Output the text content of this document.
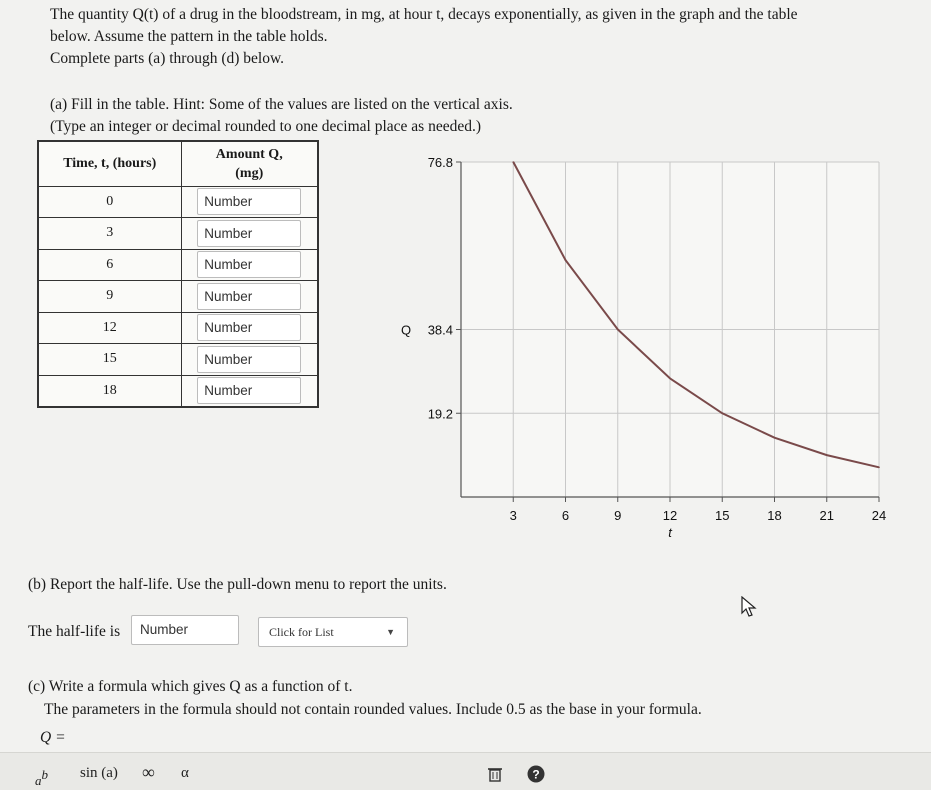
The quantity Q(t) of a drug in the bloodstream, in mg, at hour t, decays exponentially, as given in the graph and the table
below. Assume the pattern in the table holds.
Complete parts (a) through (d) below.
(a) Fill in the table. Hint: Some of the values are listed on the vertical axis.
(Type an integer or decimal rounded to one decimal place as needed.)
Time, t, (hours)	Amount Q,
(mg)

0	Number
3	Number
6	Number
9	Number
12	Number
15	Number
18	Number
3	6	9	12	15	18	21	24
19.2
38.4
76.8
t
Q
(b) Report the half-life. Use the pull-down menu to report the units.
The half-life is	Number	Click for List	▼
(c) Write a formula which gives Q as a function of t.
The parameters in the formula should not contain rounded values. Include 0.5 as the base in your formula.
Q =
$a^b$ sin (a) ∞ α	?
